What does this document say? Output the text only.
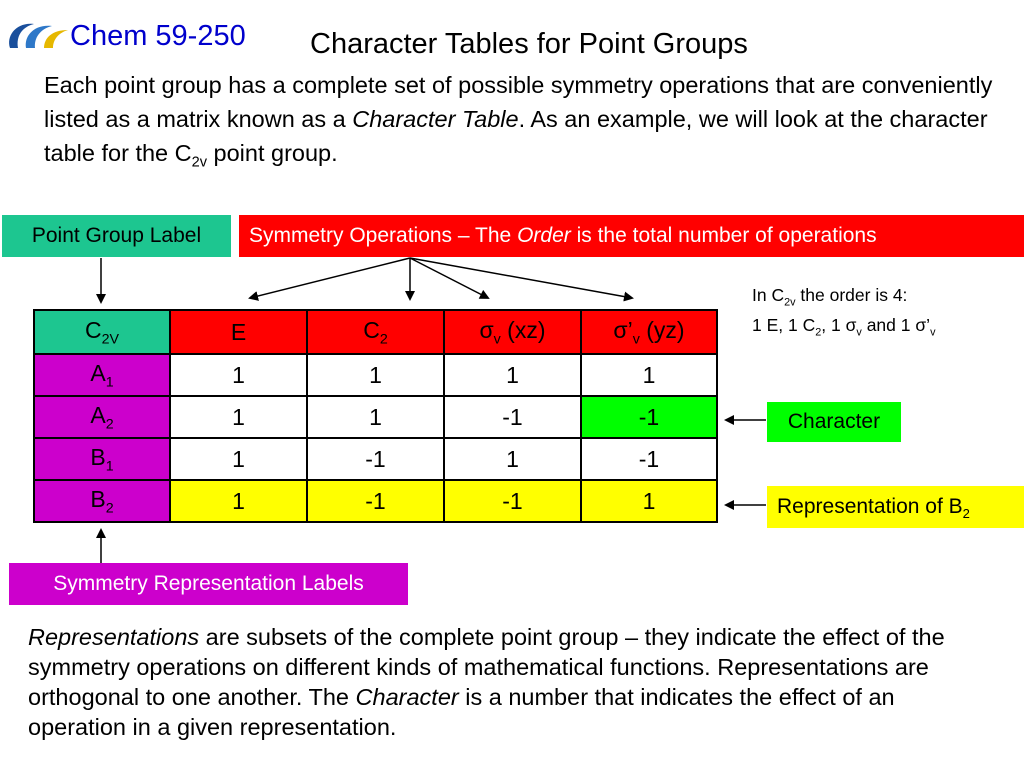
Chem 59-250 Character Tables for Point Groups
Each point group has a complete set of possible symmetry operations that are conveniently listed as a matrix known as a Character Table. As an example, we will look at the character table for the $C_{2v}$ point group.
Point Group Label	Symmetry Operations – The Order is the total number of operations
In $C_{2v}$ the order is 4:
1 E, 1 $C_2$, 1 $\sigma_v$ and 1 $\sigma’_v$
$C_{2V}$	E	$C_2$	$\sigma_v$ (xz)	$\sigma’_v$ (yz)
$A_1$	1	1	1	1
$A_2$	1	1	-1	-1
$B_1$	1	-1	1	-1
$B_2$	1	-1	-1	1
Character
Representation of $B_2$
Symmetry Representation Labels
Representations are subsets of the complete point group – they indicate the effect of the symmetry operations on different kinds of mathematical functions. Representations are orthogonal to one another. The Character is a number that indicates the effect of an operation in a given representation.
